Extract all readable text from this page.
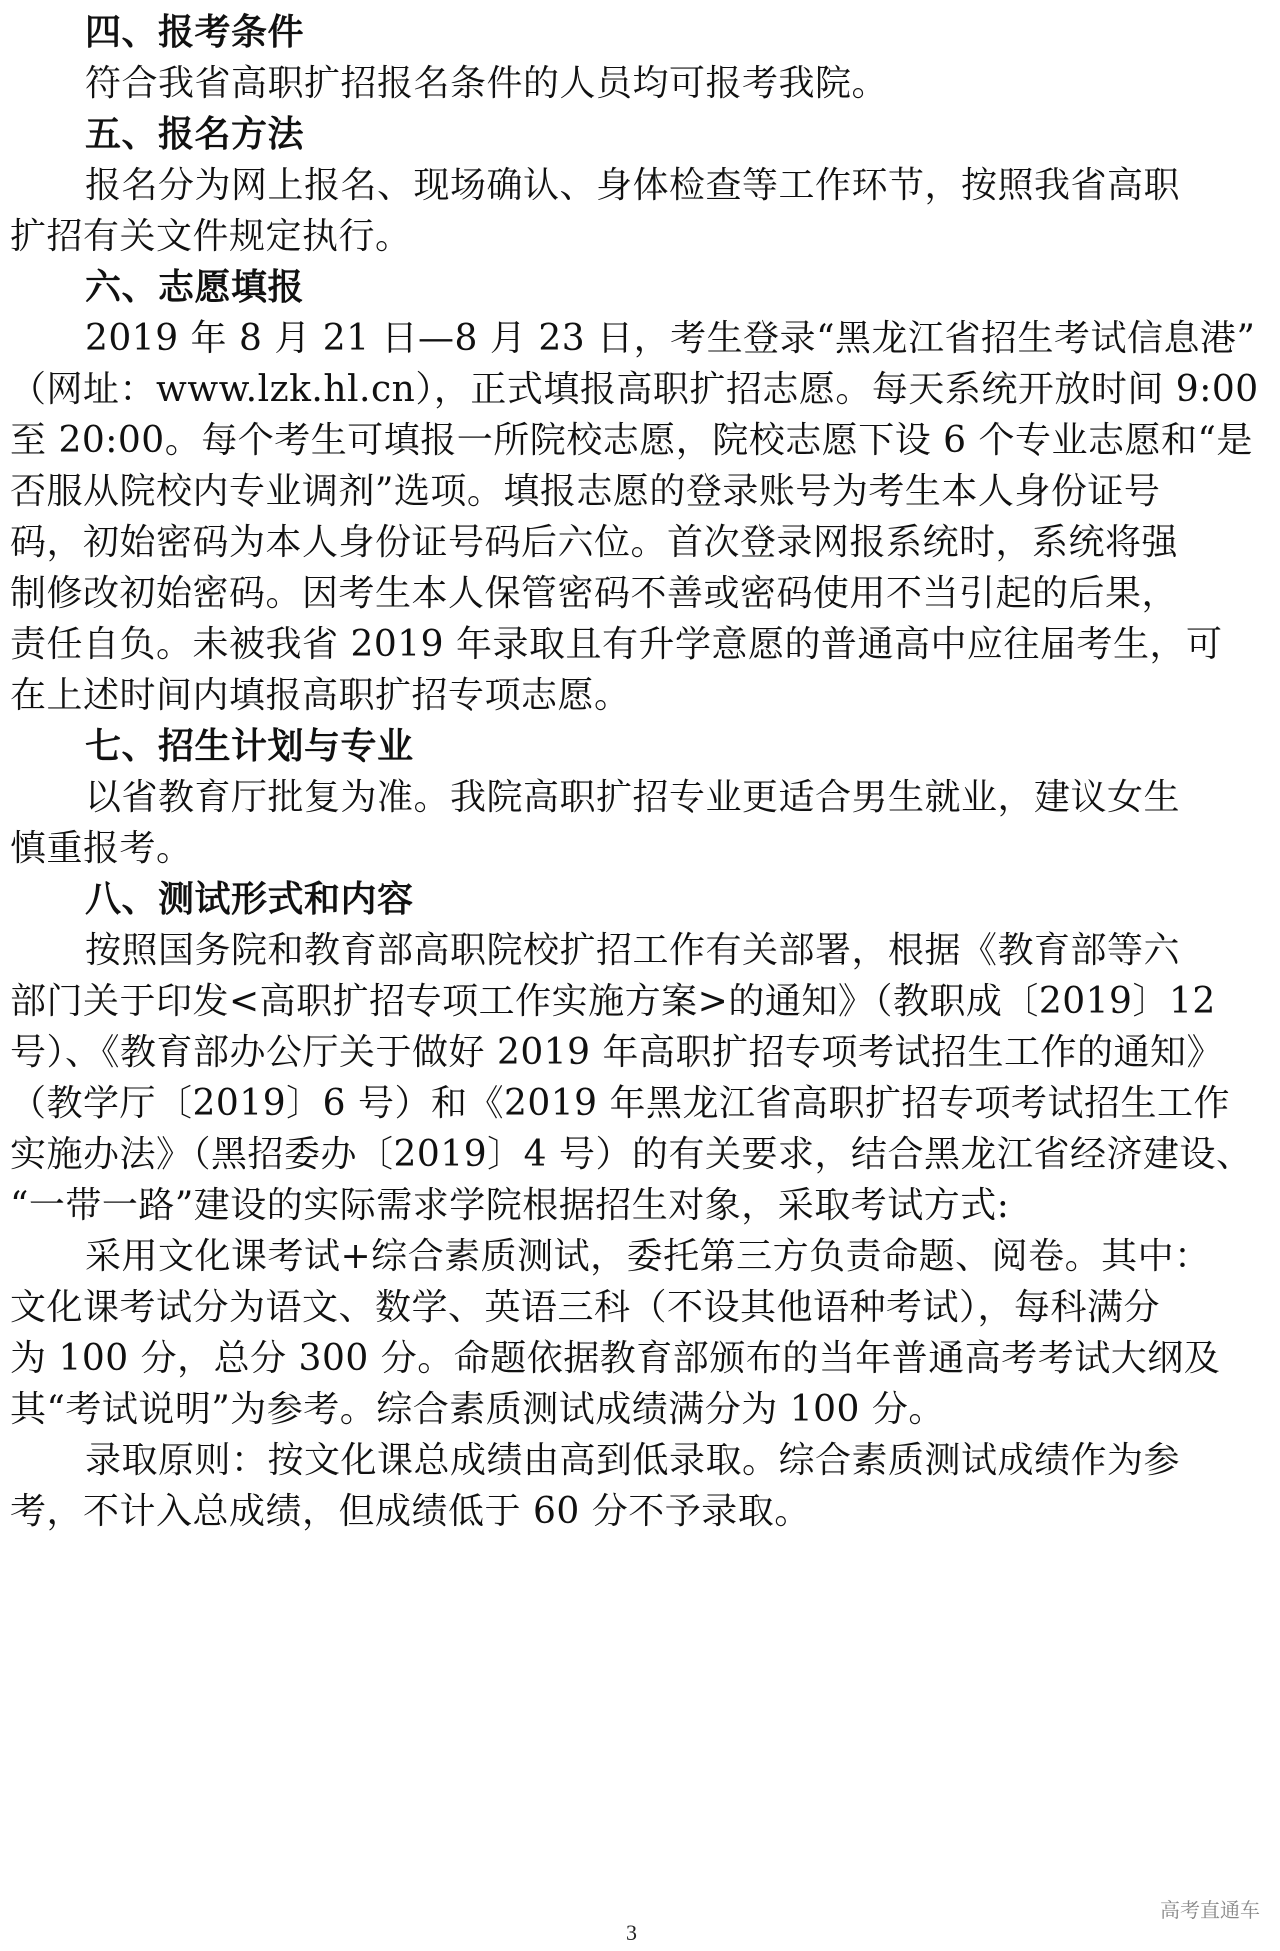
四、报考条件
符合我省高职扩招报名条件的人员均可报考我院。
五、报名方法
报名分为网上报名、现场确认、身体检查等工作环节，按照我省高职
扩招有关文件规定执行。
六、志愿填报
2019 年 8 月 21 日—8 月 23 日，考生登录“黑龙江省招生考试信息港”
（网址：www.lzk.hl.cn），正式填报高职扩招志愿。每天系统开放时间 9:00
至 20:00。每个考生可填报一所院校志愿，院校志愿下设 6 个专业志愿和“是
否服从院校内专业调剂”选项。填报志愿的登录账号为考生本人身份证号
码，初始密码为本人身份证号码后六位。首次登录网报系统时，系统将强
制修改初始密码。因考生本人保管密码不善或密码使用不当引起的后果，
责任自负。未被我省 2019 年录取且有升学意愿的普通高中应往届考生，可
在上述时间内填报高职扩招专项志愿。
七、招生计划与专业
以省教育厅批复为准。我院高职扩招专业更适合男生就业，建议女生
慎重报考。
八、测试形式和内容
按照国务院和教育部高职院校扩招工作有关部署，根据《教育部等六
部门关于印发<高职扩招专项工作实施方案>的通知》（教职成〔2019〕12
号）、《教育部办公厅关于做好 2019 年高职扩招专项考试招生工作的通知》
（教学厅〔2019〕6 号）和《2019 年黑龙江省高职扩招专项考试招生工作
实施办法》（黑招委办〔2019〕4 号）的有关要求，结合黑龙江省经济建设、
“一带一路”建设的实际需求学院根据招生对象，采取考试方式:
采用文化课考试+综合素质测试，委托第三方负责命题、阅卷。其中：
文化课考试分为语文、数学、英语三科（不设其他语种考试），每科满分
为 100 分，总分 300 分。命题依据教育部颁布的当年普通高考考试大纲及
其“考试说明”为参考。综合素质测试成绩满分为 100 分。
录取原则：按文化课总成绩由高到低录取。综合素质测试成绩作为参
考，不计入总成绩，但成绩低于 60 分不予录取。
高考直通车
3
